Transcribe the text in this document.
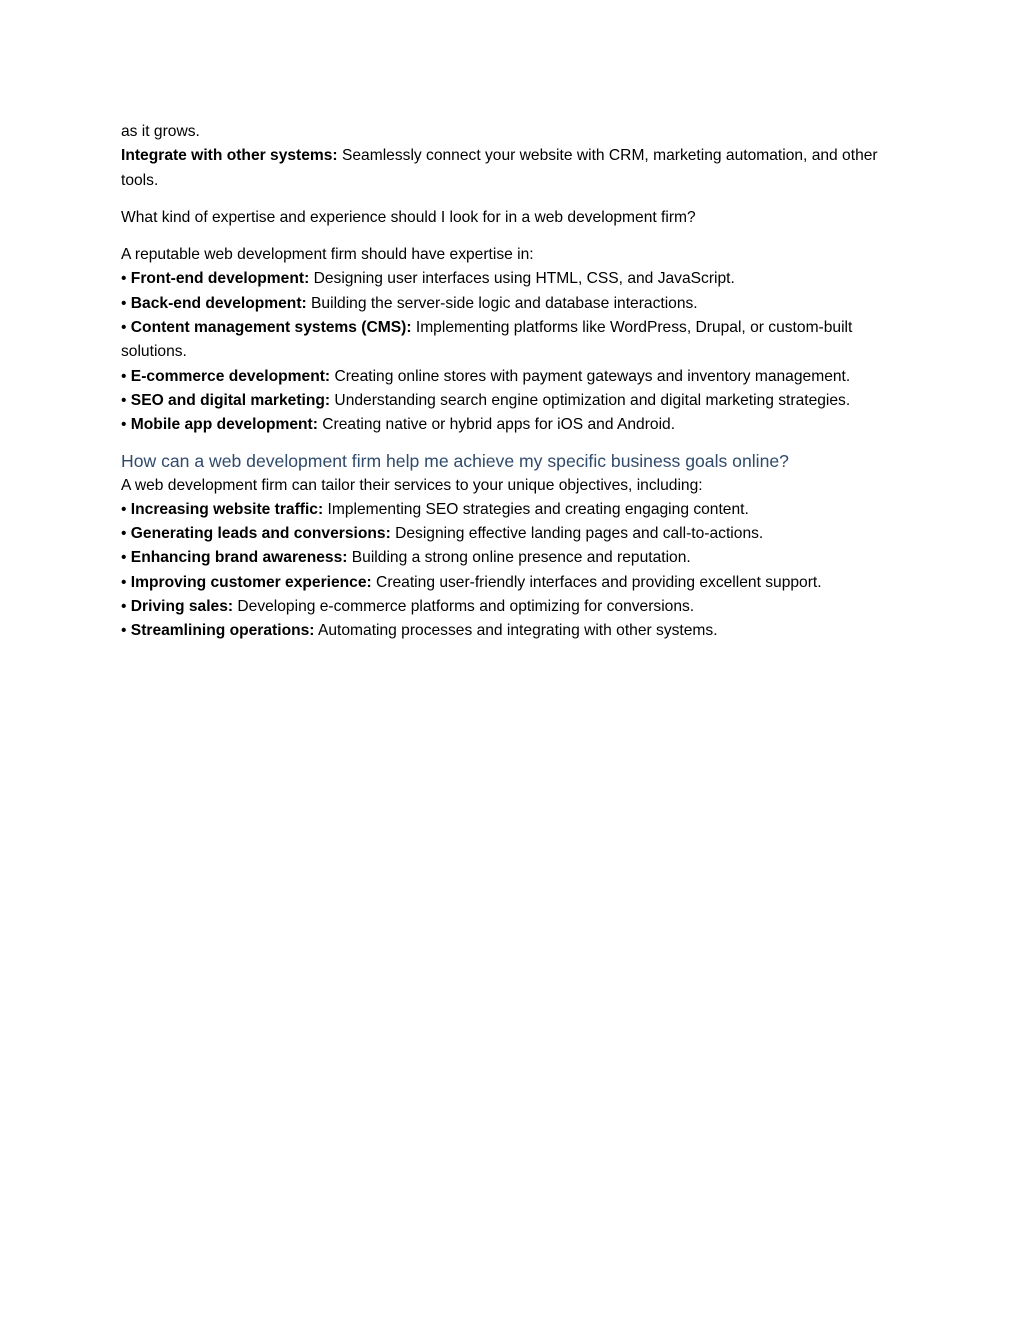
as it grows.

Integrate with other systems: Seamlessly connect your website with CRM, marketing automation, and other tools.

What kind of expertise and experience should I look for in a web development firm?

A reputable web development firm should have expertise in:

• Front-end development: Designing user interfaces using HTML, CSS, and JavaScript.

• Back-end development: Building the server-side logic and database interactions.

• Content management systems (CMS): Implementing platforms like WordPress, Drupal, or custom-built solutions.

• E-commerce development: Creating online stores with payment gateways and inventory management.

• SEO and digital marketing: Understanding search engine optimization and digital marketing strategies.

• Mobile app development: Creating native or hybrid apps for iOS and Android.

How can a web development firm help me achieve my specific business goals online?

A web development firm can tailor their services to your unique objectives, including:

• Increasing website traffic: Implementing SEO strategies and creating engaging content.

• Generating leads and conversions: Designing effective landing pages and call-to-actions.

• Enhancing brand awareness: Building a strong online presence and reputation.

• Improving customer experience: Creating user-friendly interfaces and providing excellent support.

• Driving sales: Developing e-commerce platforms and optimizing for conversions.

• Streamlining operations: Automating processes and integrating with other systems.
